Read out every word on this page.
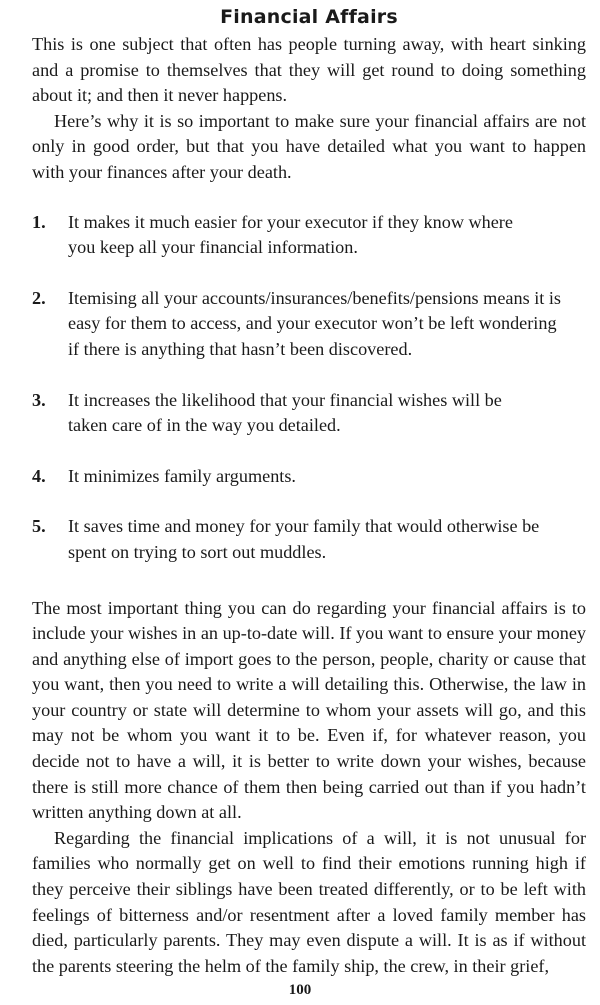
Financial Affairs

This is one subject that often has people turning away, with heart sinking and a promise to themselves that they will get round to doing something about it; and then it never happens.

Here’s why it is so important to make sure your financial affairs are not only in good order, but that you have detailed what you want to happen with your finances after your death.

1.	It makes it much easier for your executor if they know where you keep all your financial information.
2.	Itemising all your accounts/insurances/benefits/pensions means it is easy for them to access, and your executor won’t be left wondering if there is anything that hasn’t been discovered.
3.	It increases the likelihood that your financial wishes will be taken care of in the way you detailed.
4.	It minimizes family arguments.
5.	It saves time and money for your family that would otherwise be spent on trying to sort out muddles.

The most important thing you can do regarding your financial affairs is to include your wishes in an up-to-date will. If you want to ensure your money and anything else of import goes to the person, people, charity or cause that you want, then you need to write a will detailing this. Otherwise, the law in your country or state will determine to whom your assets will go, and this may not be whom you want it to be. Even if, for whatever reason, you decide not to have a will, it is better to write down your wishes, because there is still more chance of them then being carried out than if you hadn’t written anything down at all.

Regarding the financial implications of a will, it is not unusual for families who normally get on well to find their emotions running high if they perceive their siblings have been treated differently, or to be left with feelings of bitterness and/or resentment after a loved family member has died, particularly parents. They may even dispute a will. It is as if without the parents steering the helm of the family ship, the crew, in their grief,

100
